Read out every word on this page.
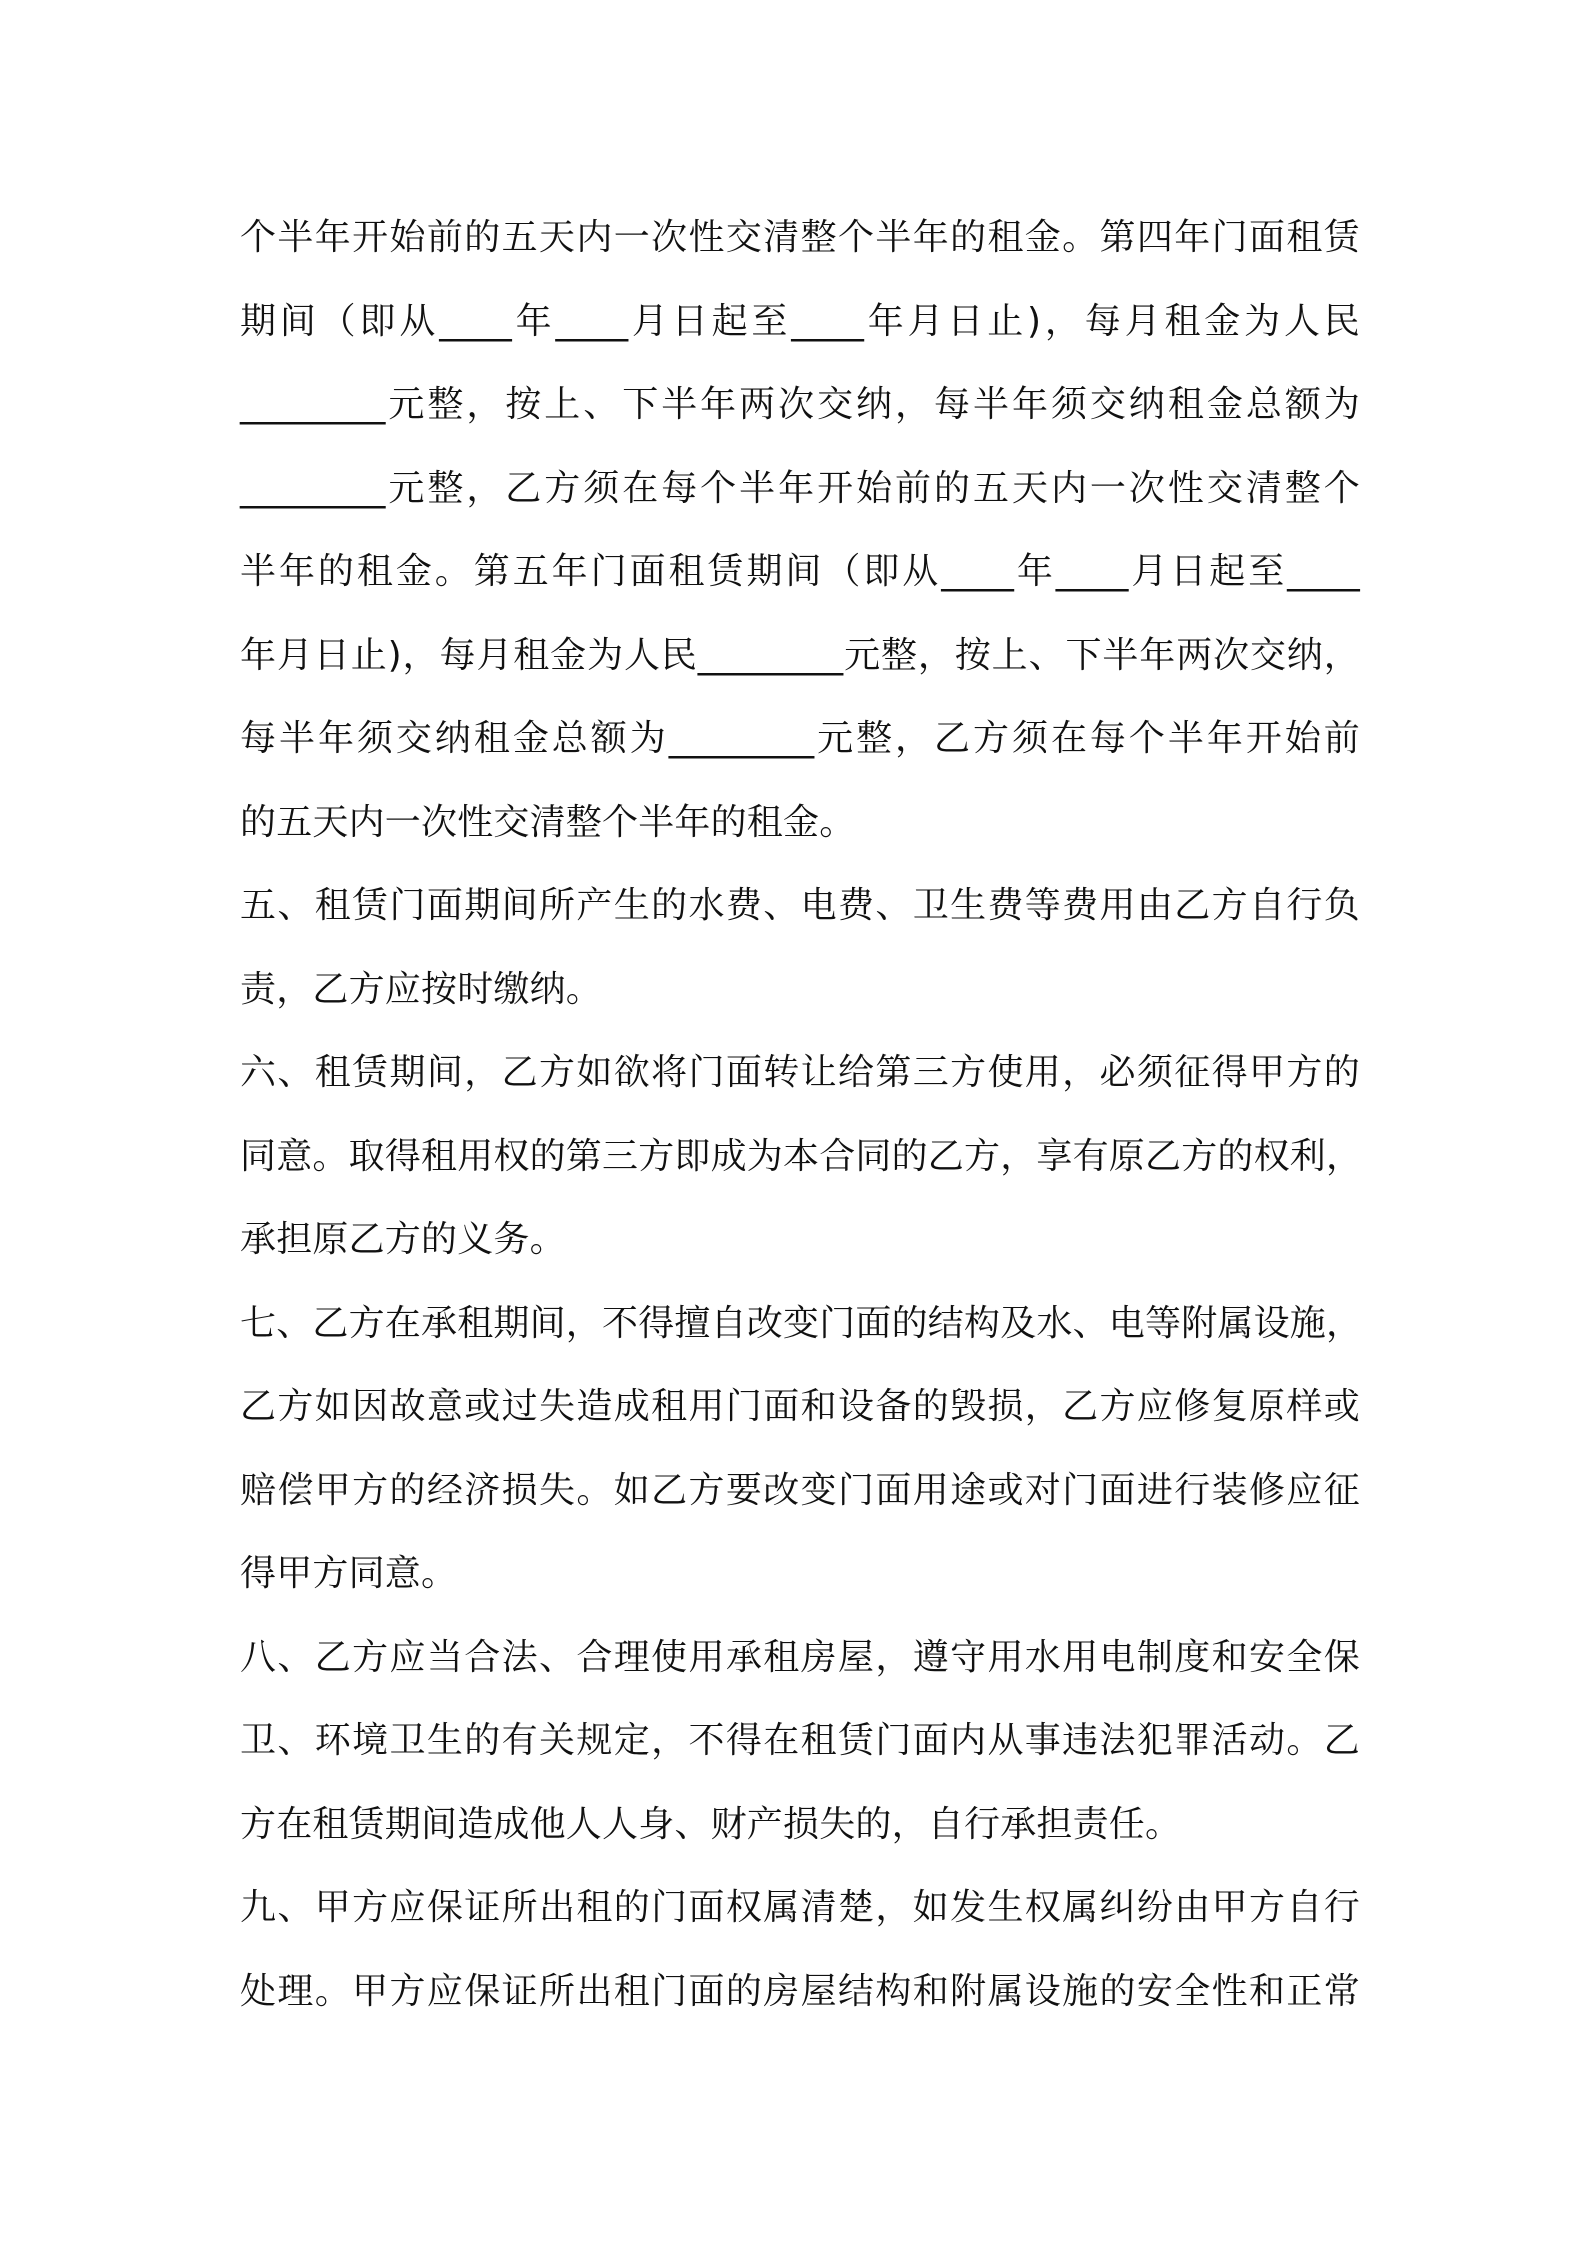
个半年开始前的五天内一次性交清整个半年的租金。第四年门面租赁
期间（即从____年____月日起至____年月日止)，每月租金为人民
________元整，按上、下半年两次交纳，每半年须交纳租金总额为
________元整，乙方须在每个半年开始前的五天内一次性交清整个
半年的租金。第五年门面租赁期间（即从____年____月日起至____
年月日止)，每月租金为人民________元整，按上、下半年两次交纳，
每半年须交纳租金总额为________元整，乙方须在每个半年开始前
的五天内一次性交清整个半年的租金。
五、租赁门面期间所产生的水费、电费、卫生费等费用由乙方自行负
责，乙方应按时缴纳。
六、租赁期间，乙方如欲将门面转让给第三方使用，必须征得甲方的
同意。取得租用权的第三方即成为本合同的乙方，享有原乙方的权利，
承担原乙方的义务。
七、乙方在承租期间，不得擅自改变门面的结构及水、电等附属设施，
乙方如因故意或过失造成租用门面和设备的毁损，乙方应修复原样或
赔偿甲方的经济损失。如乙方要改变门面用途或对门面进行装修应征
得甲方同意。
八、乙方应当合法、合理使用承租房屋，遵守用水用电制度和安全保
卫、环境卫生的有关规定，不得在租赁门面内从事违法犯罪活动。乙
方在租赁期间造成他人人身、财产损失的，自行承担责任。
九、甲方应保证所出租的门面权属清楚，如发生权属纠纷由甲方自行
处理。甲方应保证所出租门面的房屋结构和附属设施的安全性和正常
